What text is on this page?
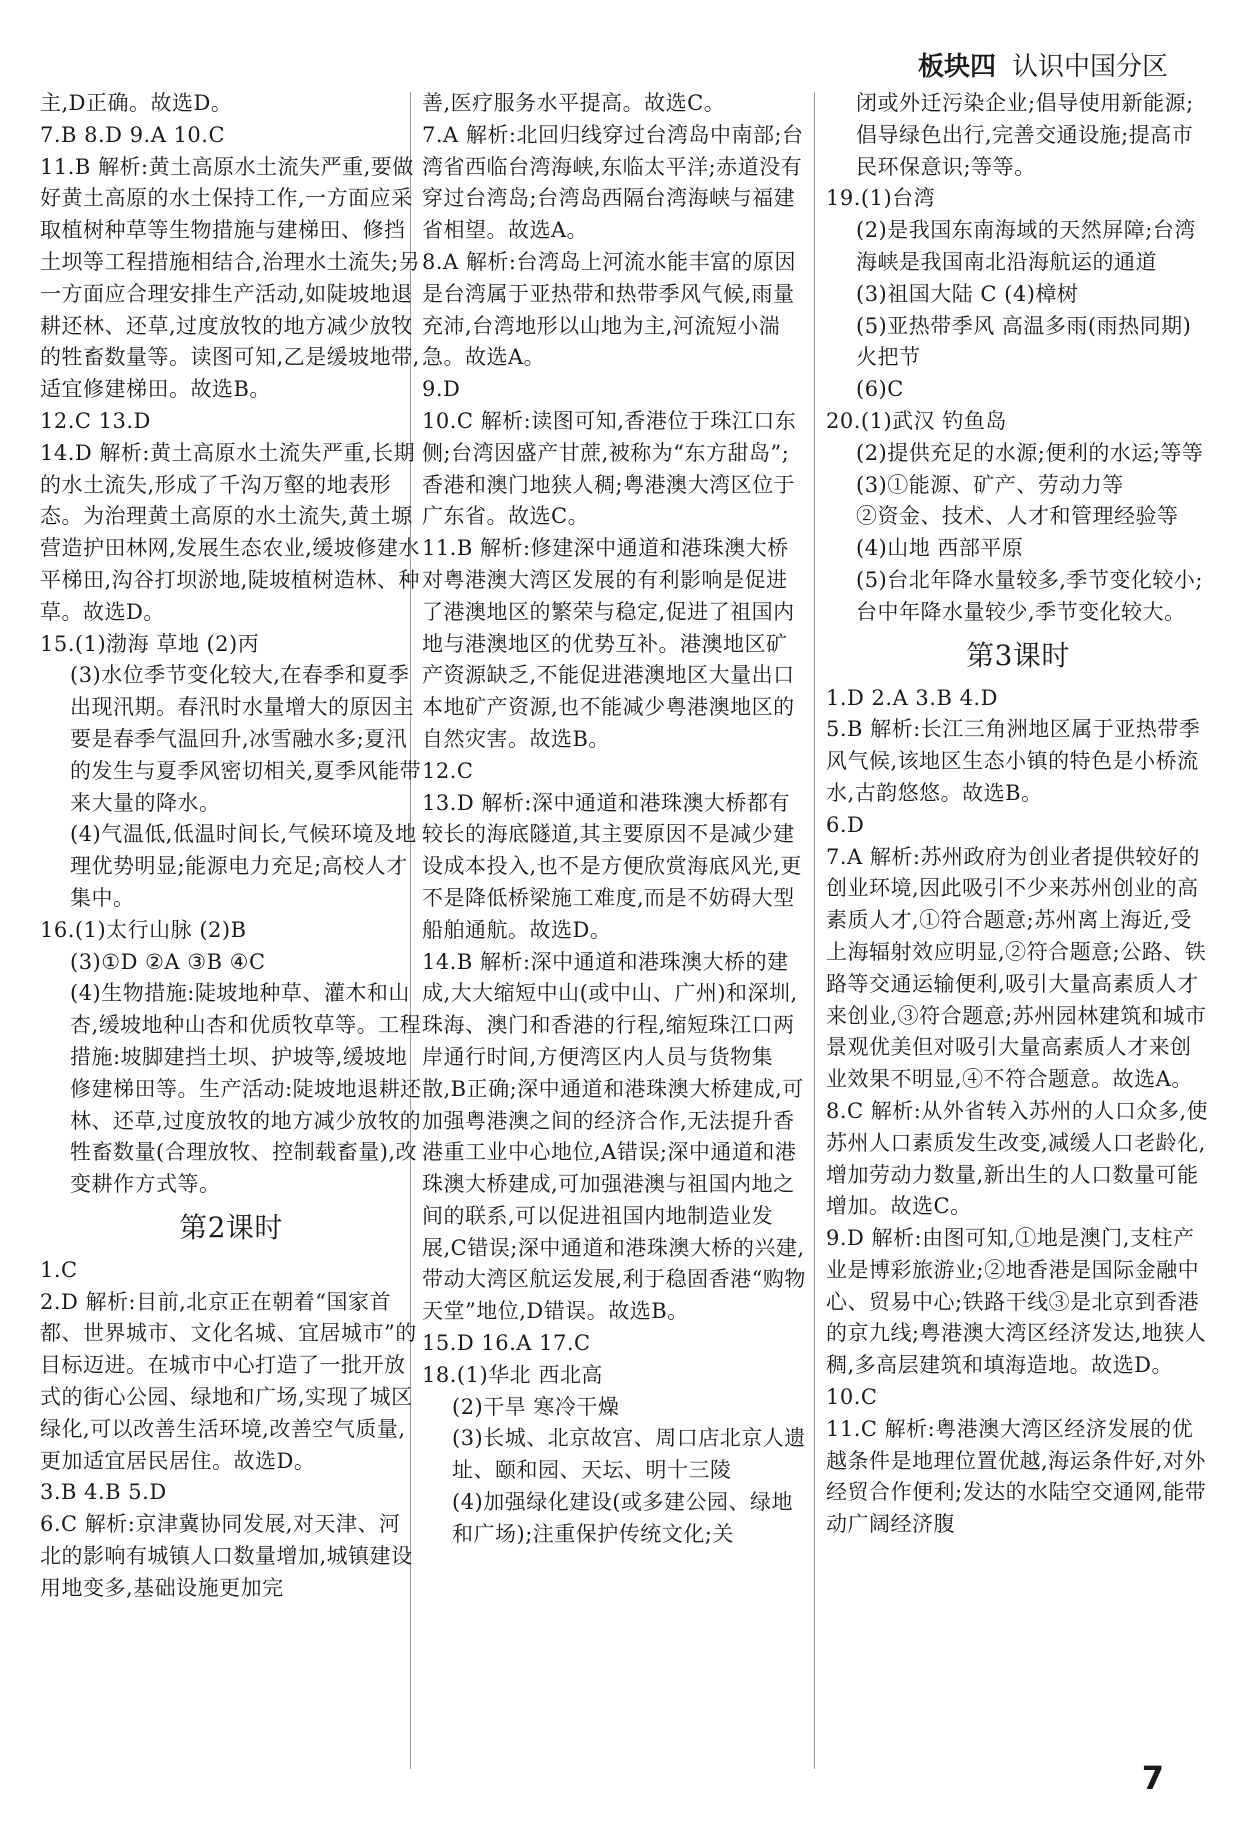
板块四 认识中国分区
主,D正确。故选D。
7.B 8.D 9.A 10.C
11.B 解析:黄土高原水土流失严重,要做好黄土高原的水土保持工作,一方面应采取植树种草等生物措施与建梯田、修挡土坝等工程措施相结合,治理水土流失;另一方面应合理安排生产活动,如陡坡地退耕还林、还草,过度放牧的地方减少放牧的牲畜数量等。读图可知,乙是缓坡地带,适宜修建梯田。故选B。
12.C 13.D
14.D 解析:黄土高原水土流失严重,长期的水土流失,形成了千沟万壑的地表形态。为治理黄土高原的水土流失,黄土塬营造护田林网,发展生态农业,缓坡修建水平梯田,沟谷打坝淤地,陡坡植树造林、种草。故选D。
15.(1)渤海 草地 (2)丙
(3)水位季节变化较大,在春季和夏季出现汛期。春汛时水量增大的原因主要是春季气温回升,冰雪融水多;夏汛的发生与夏季风密切相关,夏季风能带来大量的降水。
(4)气温低,低温时间长,气候环境及地理优势明显;能源电力充足;高校人才集中。
16.(1)太行山脉 (2)B
(3)①D ②A ③B ④C
(4)生物措施:陡坡地种草、灌木和山杏,缓坡地种山杏和优质牧草等。工程措施:坡脚建挡土坝、护坡等,缓坡地修建梯田等。生产活动:陡坡地退耕还林、还草,过度放牧的地方减少放牧的牲畜数量(合理放牧、控制载畜量),改变耕作方式等。
第2课时
1.C
2.D 解析:目前,北京正在朝着“国家首都、世界城市、文化名城、宜居城市”的目标迈进。在城市中心打造了一批开放式的街心公园、绿地和广场,实现了城区绿化,可以改善生活环境,改善空气质量,更加适宜居民居住。故选D。
3.B 4.B 5.D
6.C 解析:京津冀协同发展,对天津、河北的影响有城镇人口数量增加,城镇建设用地变多,基础设施更加完
善,医疗服务水平提高。故选C。
7.A 解析:北回归线穿过台湾岛中南部;台湾省西临台湾海峡,东临太平洋;赤道没有穿过台湾岛;台湾岛西隔台湾海峡与福建省相望。故选A。
8.A 解析:台湾岛上河流水能丰富的原因是台湾属于亚热带和热带季风气候,雨量充沛,台湾地形以山地为主,河流短小湍急。故选A。
9.D
10.C 解析:读图可知,香港位于珠江口东侧;台湾因盛产甘蔗,被称为“东方甜岛”;香港和澳门地狭人稠;粤港澳大湾区位于广东省。故选C。
11.B 解析:修建深中通道和港珠澳大桥对粤港澳大湾区发展的有利影响是促进了港澳地区的繁荣与稳定,促进了祖国内地与港澳地区的优势互补。港澳地区矿产资源缺乏,不能促进港澳地区大量出口本地矿产资源,也不能减少粤港澳地区的自然灾害。故选B。
12.C
13.D 解析:深中通道和港珠澳大桥都有较长的海底隧道,其主要原因不是减少建设成本投入,也不是方便欣赏海底风光,更不是降低桥梁施工难度,而是不妨碍大型船舶通航。故选D。
14.B 解析:深中通道和港珠澳大桥的建成,大大缩短中山(或中山、广州)和深圳,珠海、澳门和香港的行程,缩短珠江口两岸通行时间,方便湾区内人员与货物集散,B正确;深中通道和港珠澳大桥建成,可加强粤港澳之间的经济合作,无法提升香港重工业中心地位,A错误;深中通道和港珠澳大桥建成,可加强港澳与祖国内地之间的联系,可以促进祖国内地制造业发展,C错误;深中通道和港珠澳大桥的兴建,带动大湾区航运发展,利于稳固香港“购物天堂”地位,D错误。故选B。
15.D 16.A 17.C
18.(1)华北 西北高
(2)干旱 寒冷干燥
(3)长城、北京故宫、周口店北京人遗址、颐和园、天坛、明十三陵
(4)加强绿化建设(或多建公园、绿地和广场);注重保护传统文化;关
闭或外迁污染企业;倡导使用新能源;倡导绿色出行,完善交通设施;提高市民环保意识;等等。
19.(1)台湾
(2)是我国东南海域的天然屏障;台湾海峡是我国南北沿海航运的通道
(3)祖国大陆 C (4)樟树
(5)亚热带季风 高温多雨(雨热同期) 火把节
(6)C
20.(1)武汉 钓鱼岛
(2)提供充足的水源;便利的水运;等等
(3)①能源、矿产、劳动力等
②资金、技术、人才和管理经验等
(4)山地 西部平原
(5)台北年降水量较多,季节变化较小;台中年降水量较少,季节变化较大。
第3课时
1.D 2.A 3.B 4.D
5.B 解析:长江三角洲地区属于亚热带季风气候,该地区生态小镇的特色是小桥流水,古韵悠悠。故选B。
6.D
7.A 解析:苏州政府为创业者提供较好的创业环境,因此吸引不少来苏州创业的高素质人才,①符合题意;苏州离上海近,受上海辐射效应明显,②符合题意;公路、铁路等交通运输便利,吸引大量高素质人才来创业,③符合题意;苏州园林建筑和城市景观优美但对吸引大量高素质人才来创业效果不明显,④不符合题意。故选A。
8.C 解析:从外省转入苏州的人口众多,使苏州人口素质发生改变,减缓人口老龄化,增加劳动力数量,新出生的人口数量可能增加。故选C。
9.D 解析:由图可知,①地是澳门,支柱产业是博彩旅游业;②地香港是国际金融中心、贸易中心;铁路干线③是北京到香港的京九线;粤港澳大湾区经济发达,地狭人稠,多高层建筑和填海造地。故选D。
10.C
11.C 解析:粤港澳大湾区经济发展的优越条件是地理位置优越,海运条件好,对外经贸合作便利;发达的水陆空交通网,能带动广阔经济腹
7
